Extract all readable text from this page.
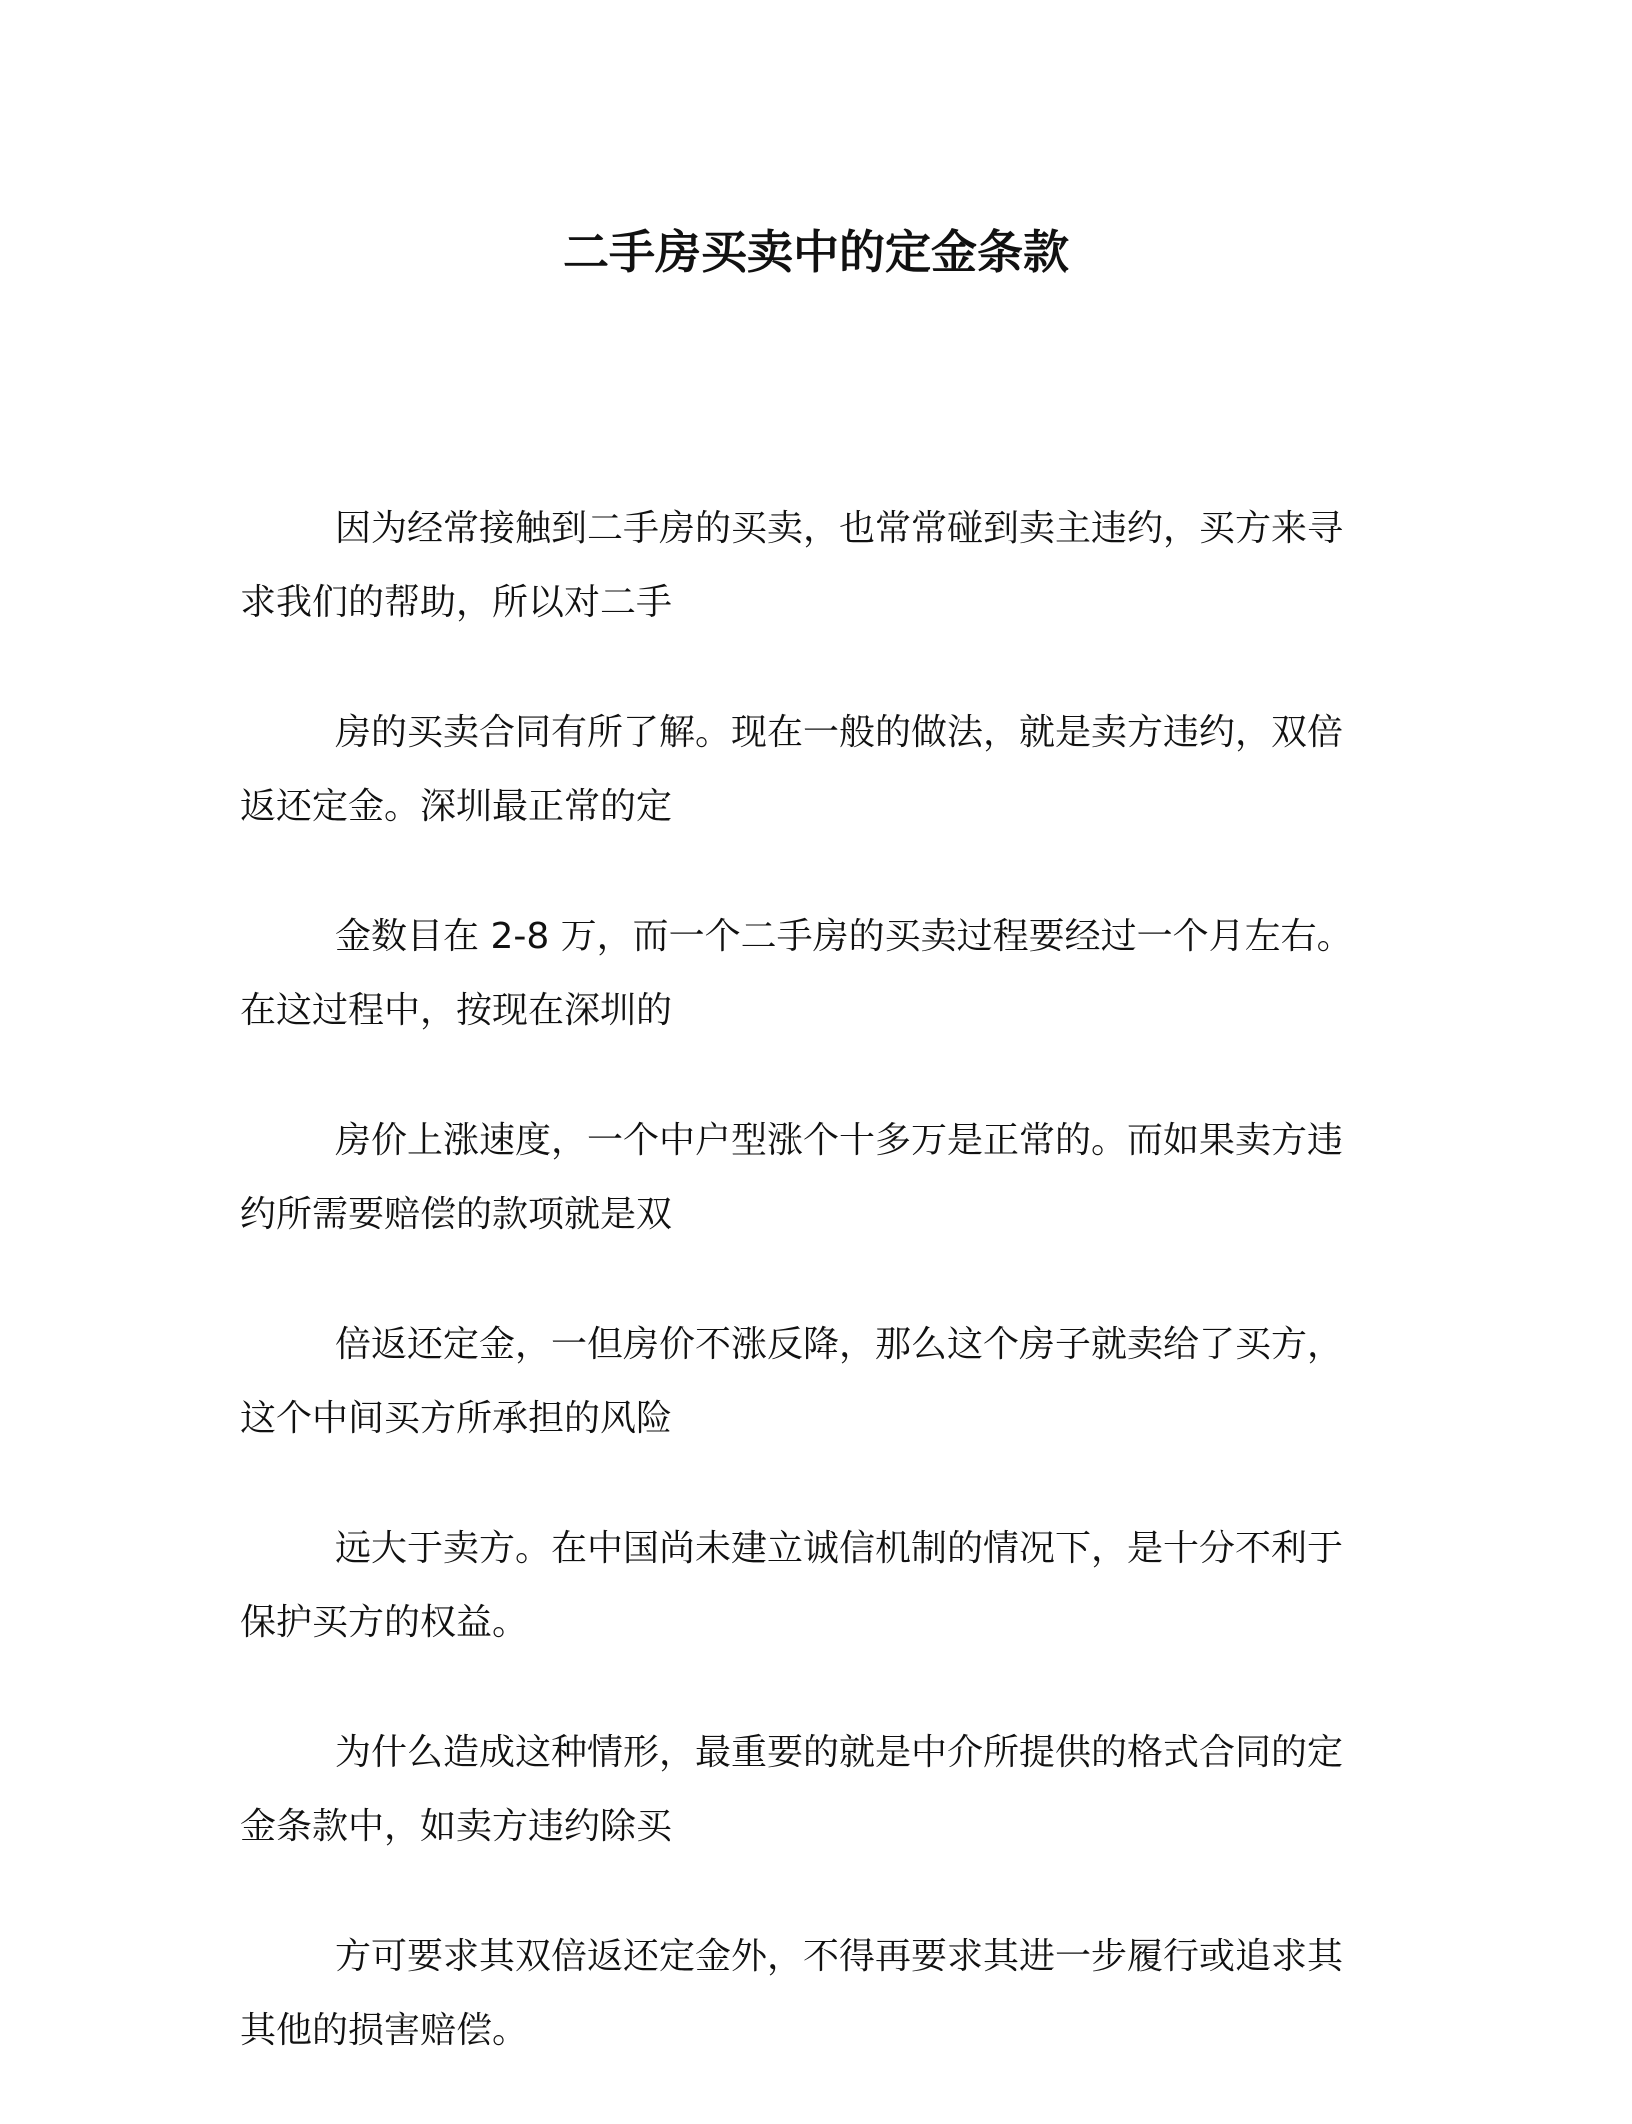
二手房买卖中的定金条款

因为经常接触到二手房的买卖，也常常碰到卖主违约，买方来寻
求我们的帮助，所以对二手

房的买卖合同有所了解。现在一般的做法，就是卖方违约，双倍
返还定金。深圳最正常的定

金数目在 2-8 万，而一个二手房的买卖过程要经过一个月左右。
在这过程中，按现在深圳的

房价上涨速度，一个中户型涨个十多万是正常的。而如果卖方违
约所需要赔偿的款项就是双

倍返还定金，一但房价不涨反降，那么这个房子就卖给了买方，
这个中间买方所承担的风险

远大于卖方。在中国尚未建立诚信机制的情况下，是十分不利于
保护买方的权益。

为什么造成这种情形，最重要的就是中介所提供的格式合同的定
金条款中，如卖方违约除买

方可要求其双倍返还定金外，不得再要求其进一步履行或追求其
其他的损害赔偿。
